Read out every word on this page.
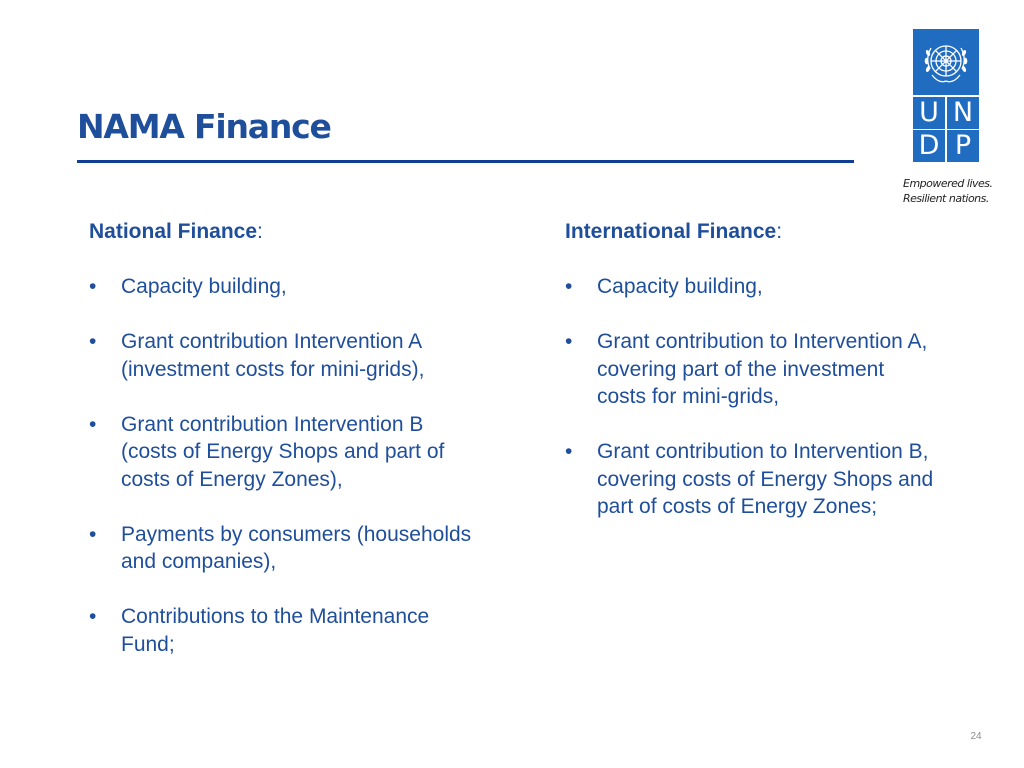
NAMA Finance	U N
D P
Empowered lives.
Resilient nations.

National Finance:

• Capacity building,
• Grant contribution Intervention A
(investment costs for mini-grids),
• Grant contribution Intervention B
(costs of Energy Shops and part of
costs of Energy Zones),
• Payments by consumers (households
and companies),
• Contributions to the Maintenance
Fund;

International Finance:

• Capacity building,
• Grant contribution to Intervention A,
covering part of the investment
costs for mini-grids,
• Grant contribution to Intervention B,
covering costs of Energy Shops and
part of costs of Energy Zones;
24
